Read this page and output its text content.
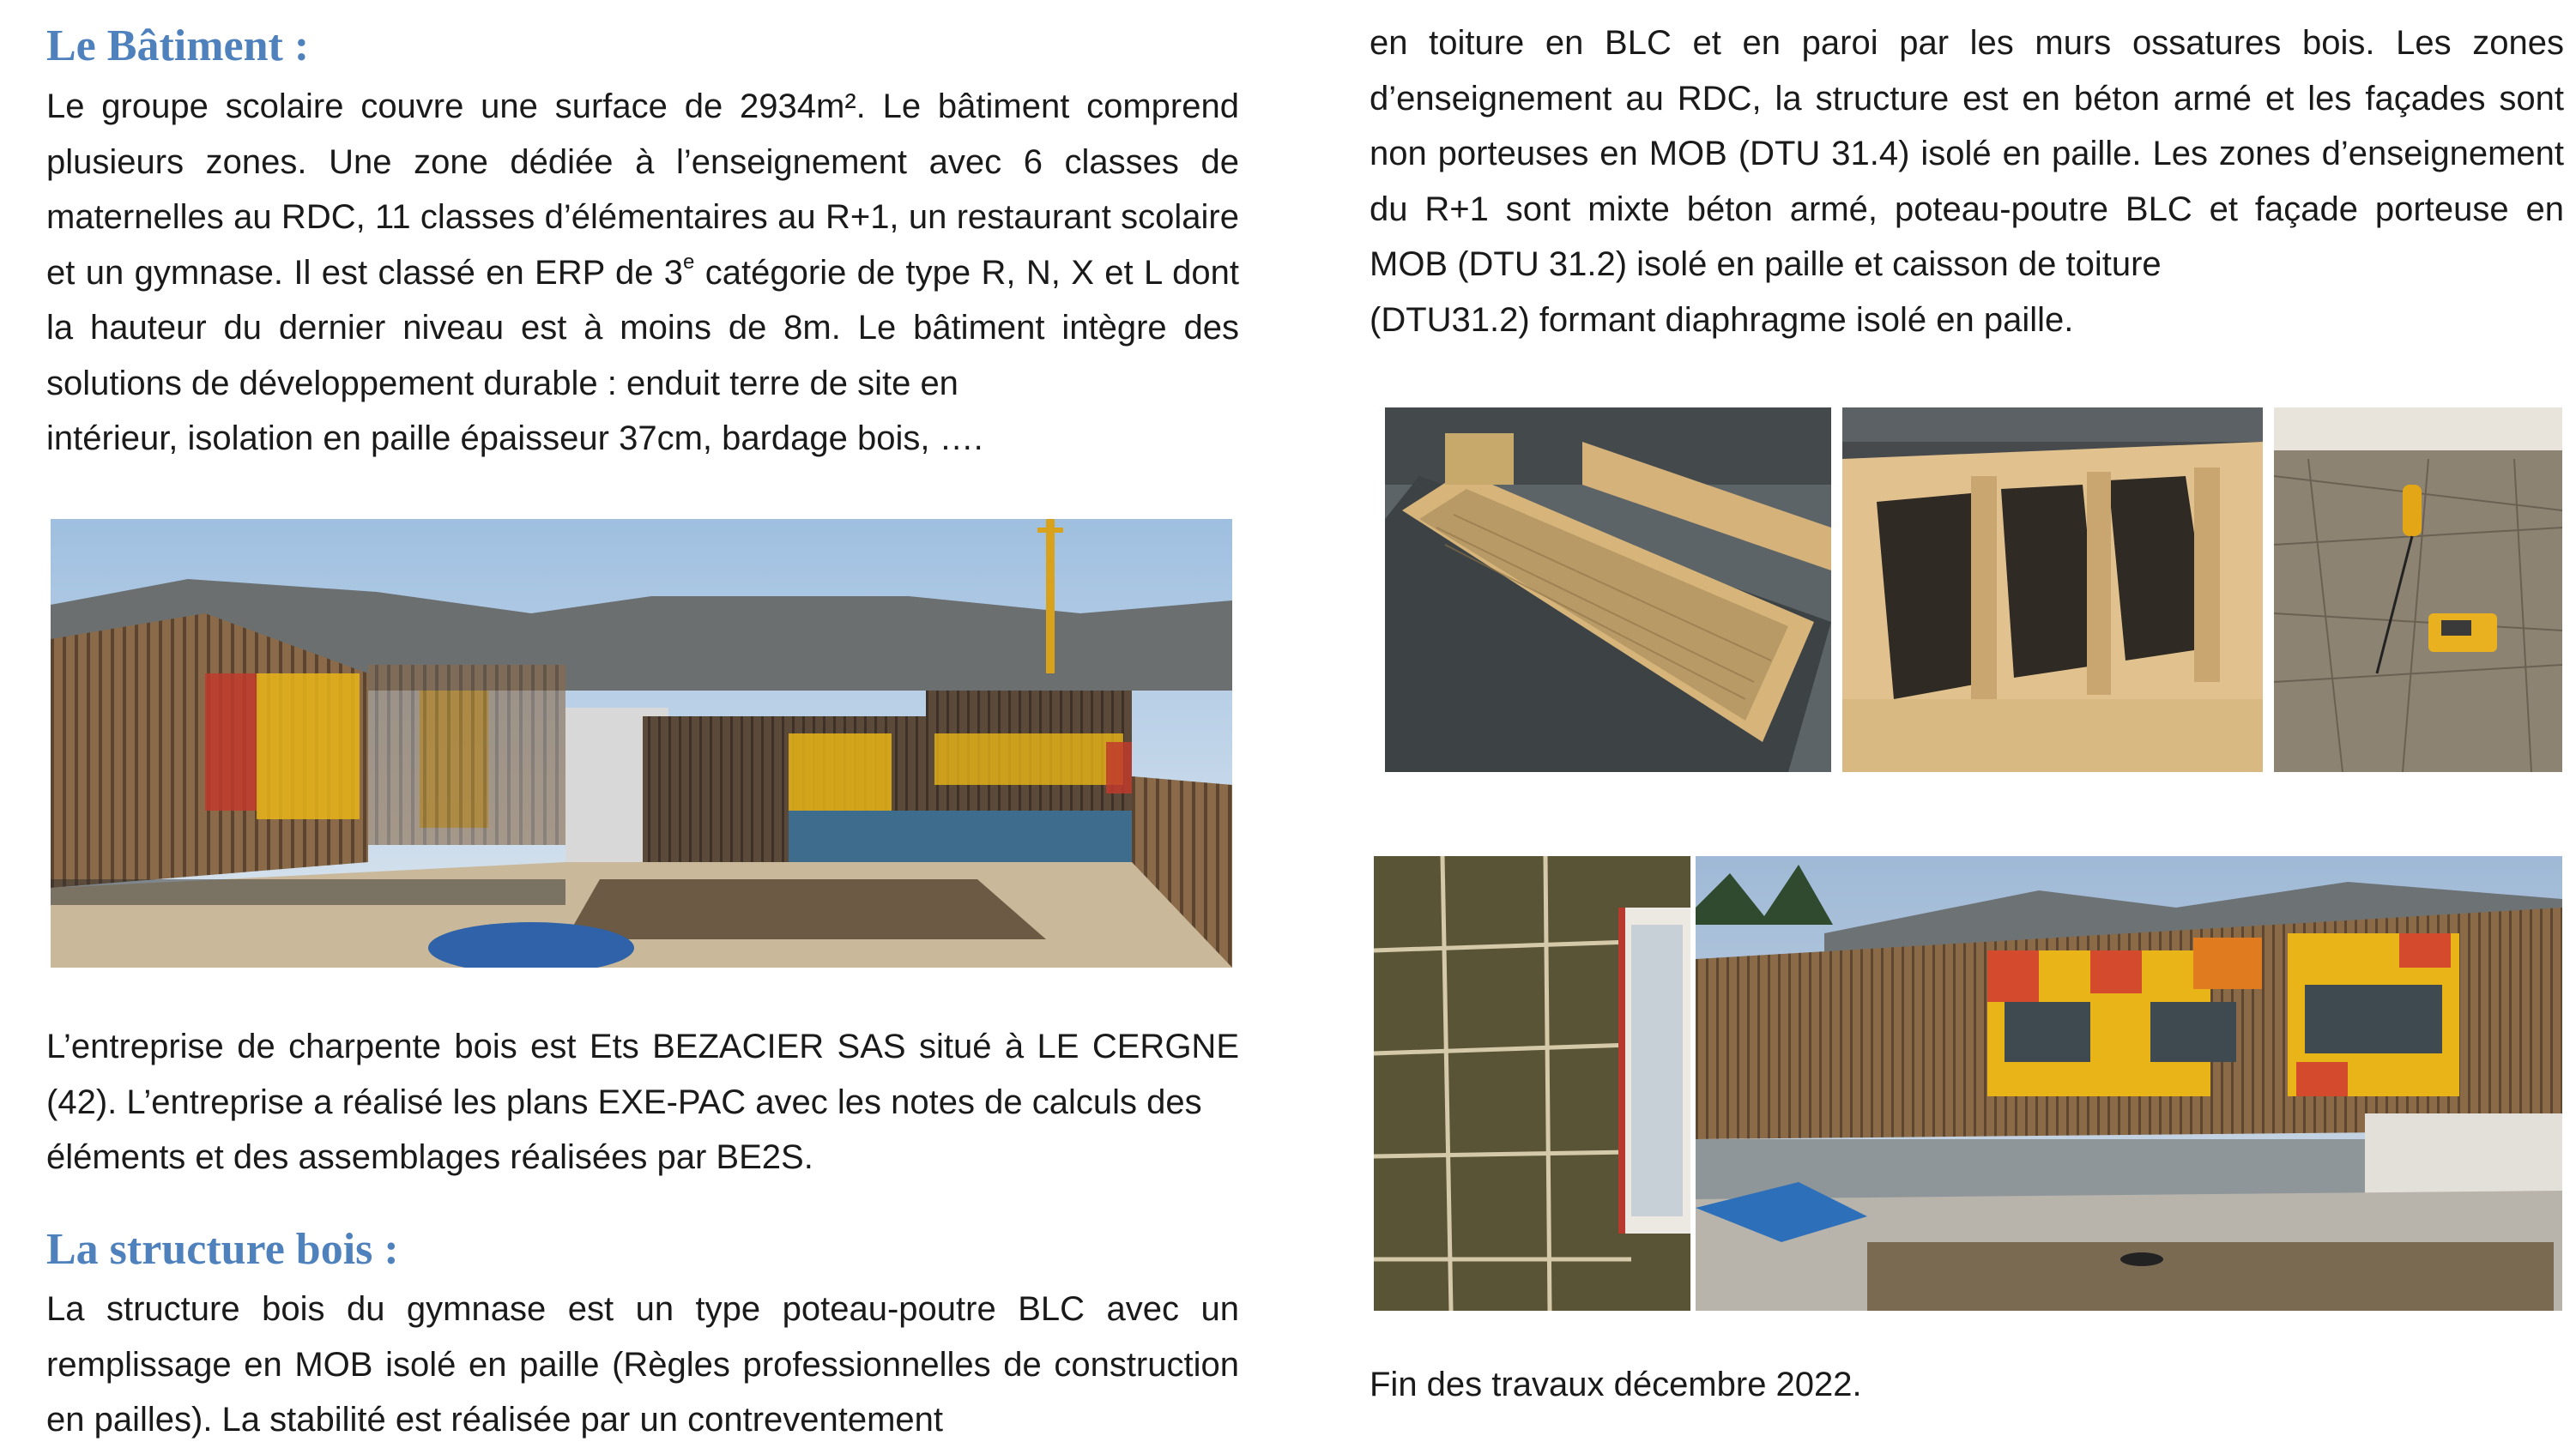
Le Bâtiment :

Le groupe scolaire couvre une surface de 2934m². Le bâtiment comprend plusieurs zones. Une zone dédiée à l’enseignement avec 6 classes de maternelles au RDC, 11 classes d’élémentaires au R+1, un restaurant scolaire et un gymnase. Il est classé en ERP de 3e catégorie de type R, N, X et L dont la hauteur du dernier niveau est à moins de 8m. Le bâtiment intègre des solutions de développement durable : enduit terre de site en
intérieur, isolation en paille épaisseur 37cm, bardage bois, ….

L’entreprise de charpente bois est Ets BEZACIER SAS situé à LE CERGNE (42). L’entreprise a réalisé les plans EXE-PAC avec les notes de calculs des
éléments et des assemblages réalisées par BE2S.

La structure bois :

La structure bois du gymnase est un type poteau-poutre BLC avec un remplissage en MOB isolé en paille (Règles professionnelles de construction en pailles). La stabilité est réalisée par un contreventement

en toiture en BLC et en paroi par les murs ossatures bois. Les zones d’enseignement au RDC, la structure est en béton armé et les façades sont non porteuses en MOB (DTU 31.4) isolé en paille. Les zones d’enseignement du R+1 sont mixte béton armé, poteau-poutre BLC et façade porteuse en MOB (DTU 31.2) isolé en paille et caisson de toiture
(DTU31.2) formant diaphragme isolé en paille.

Fin des travaux décembre 2022.
